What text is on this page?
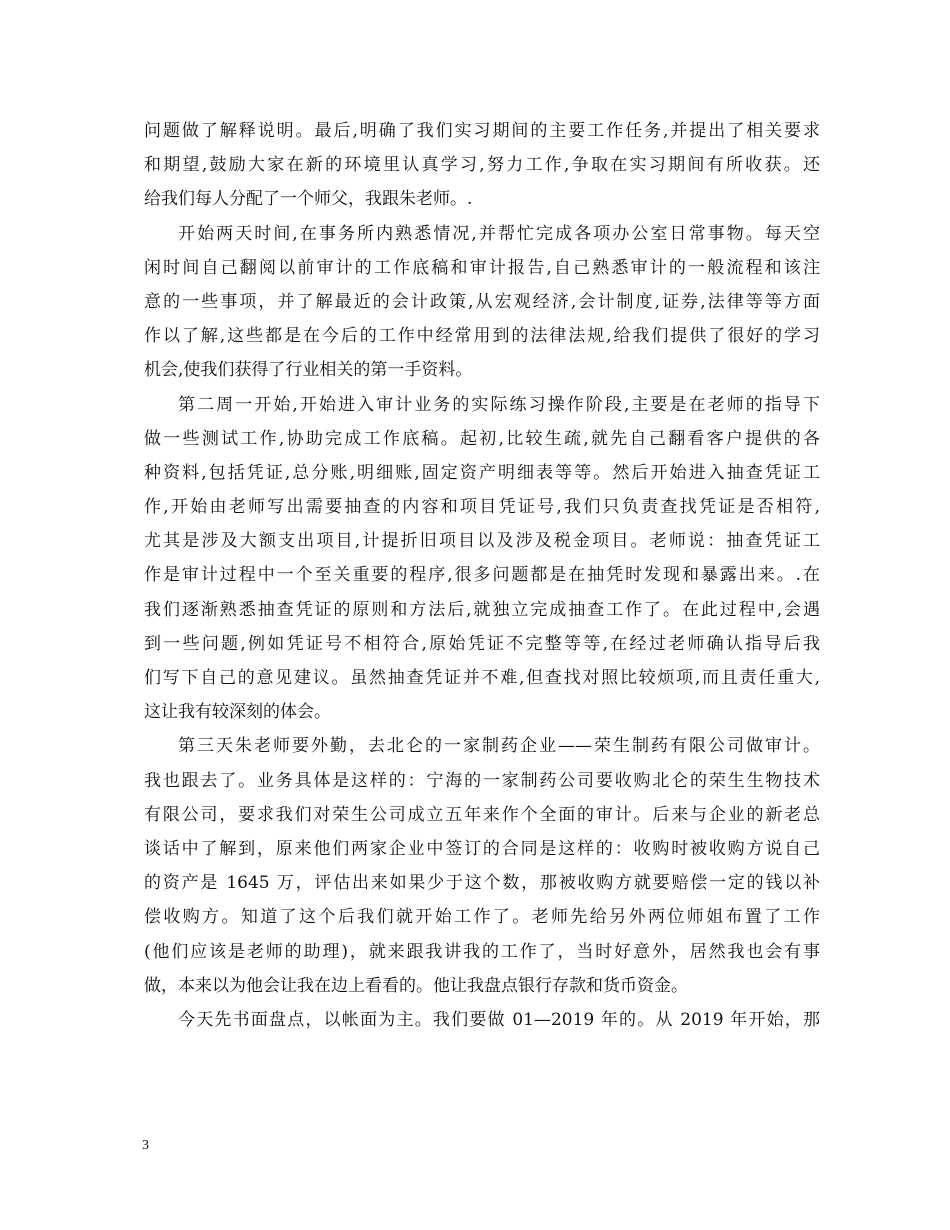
问题做了解释说明。最后,明确了我们实习期间的主要工作任务,并提出了相关要求
和期望,鼓励大家在新的环境里认真学习,努力工作,争取在实习期间有所收获。还
给我们每人分配了一个师父，我跟朱老师。.

开始两天时间,在事务所内熟悉情况,并帮忙完成各项办公室日常事物。每天空
闲时间自己翻阅以前审计的工作底稿和审计报告,自己熟悉审计的一般流程和该注
意的一些事项，并了解最近的会计政策,从宏观经济,会计制度,证券,法律等等方面
作以了解,这些都是在今后的工作中经常用到的法律法规,给我们提供了很好的学习
机会,使我们获得了行业相关的第一手资料。

第二周一开始,开始进入审计业务的实际练习操作阶段,主要是在老师的指导下
做一些测试工作,协助完成工作底稿。起初,比较生疏,就先自己翻看客户提供的各
种资料,包括凭证,总分账,明细账,固定资产明细表等等。然后开始进入抽查凭证工
作,开始由老师写出需要抽查的内容和项目凭证号,我们只负责查找凭证是否相符,
尤其是涉及大额支出项目,计提折旧项目以及涉及税金项目。老师说：抽查凭证工
作是审计过程中一个至关重要的程序,很多问题都是在抽凭时发现和暴露出来。.在
我们逐渐熟悉抽查凭证的原则和方法后,就独立完成抽查工作了。在此过程中,会遇
到一些问题,例如凭证号不相符合,原始凭证不完整等等,在经过老师确认指导后我
们写下自己的意见建议。虽然抽查凭证并不难,但查找对照比较烦项,而且责任重大,
这让我有较深刻的体会。

第三天朱老师要外勤，去北仑的一家制药企业——荣生制药有限公司做审计。
我也跟去了。业务具体是这样的：宁海的一家制药公司要收购北仑的荣生生物技术
有限公司，要求我们对荣生公司成立五年来作个全面的审计。后来与企业的新老总
谈话中了解到，原来他们两家企业中签订的合同是这样的：收购时被收购方说自己
的资产是 1645 万，评估出来如果少于这个数，那被收购方就要赔偿一定的钱以补
偿收购方。知道了这个后我们就开始工作了。老师先给另外两位师姐布置了工作
(他们应该是老师的助理)，就来跟我讲我的工作了，当时好意外，居然我也会有事
做，本来以为他会让我在边上看看的。他让我盘点银行存款和货币资金。

今天先书面盘点，以帐面为主。我们要做 01—2019 年的。从 2019 年开始，那

3
